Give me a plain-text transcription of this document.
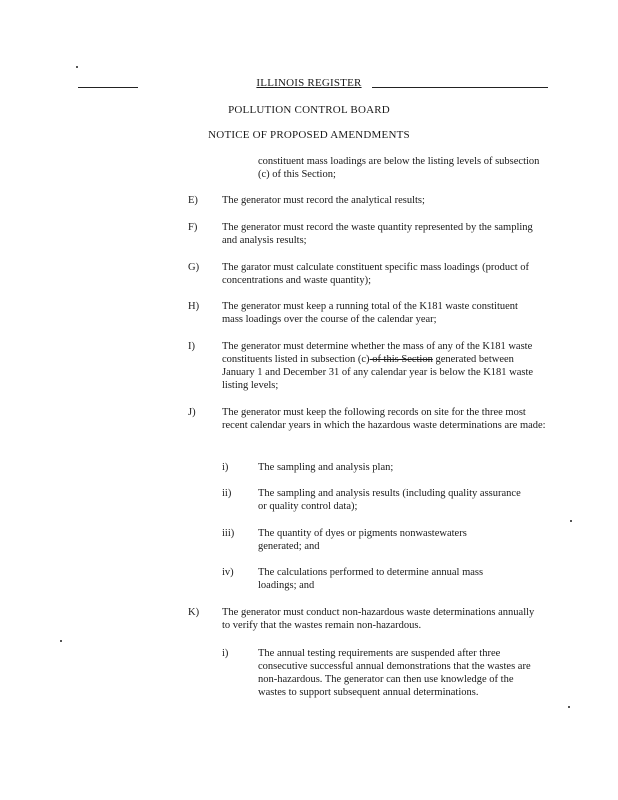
ILLINOIS REGISTER
POLLUTION CONTROL BOARD
NOTICE OF PROPOSED AMENDMENTS

constituent mass loadings are below the listing levels of subsection (c) of this Section;

E) The generator must record the analytical results;

F) The generator must record the waste quantity represented by the sampling and analysis results;

G) The garator must calculate constituent specific mass loadings (product of concentrations and waste quantity);

H) The generator must keep a running total of the K181 waste constituent mass loadings over the course of the calendar year;

I)	The generator must determine whether the mass of any of the K181 waste constituents listed in subsection (c) of this Section generated between January 1 and December 31 of any calendar year is below the K181 waste listing levels;

J)	The generator must keep the following records on site for the three most recent calendar years in which the hazardous waste determinations are made:

i)	The sampling and analysis plan;

ii)	The sampling and analysis results (including quality assurance or quality control data);

iii) The quantity of dyes or pigments nonwastewaters generated; and

iv) The calculations performed to determine annual mass loadings; and

K) The generator must conduct non-hazardous waste determinations annually to verify that the wastes remain non-hazardous.

i)	The annual testing requirements are suspended after three consecutive successful annual demonstrations that the wastes are non-hazardous. The generator can then use knowledge of the wastes to support subsequent annual determinations.
